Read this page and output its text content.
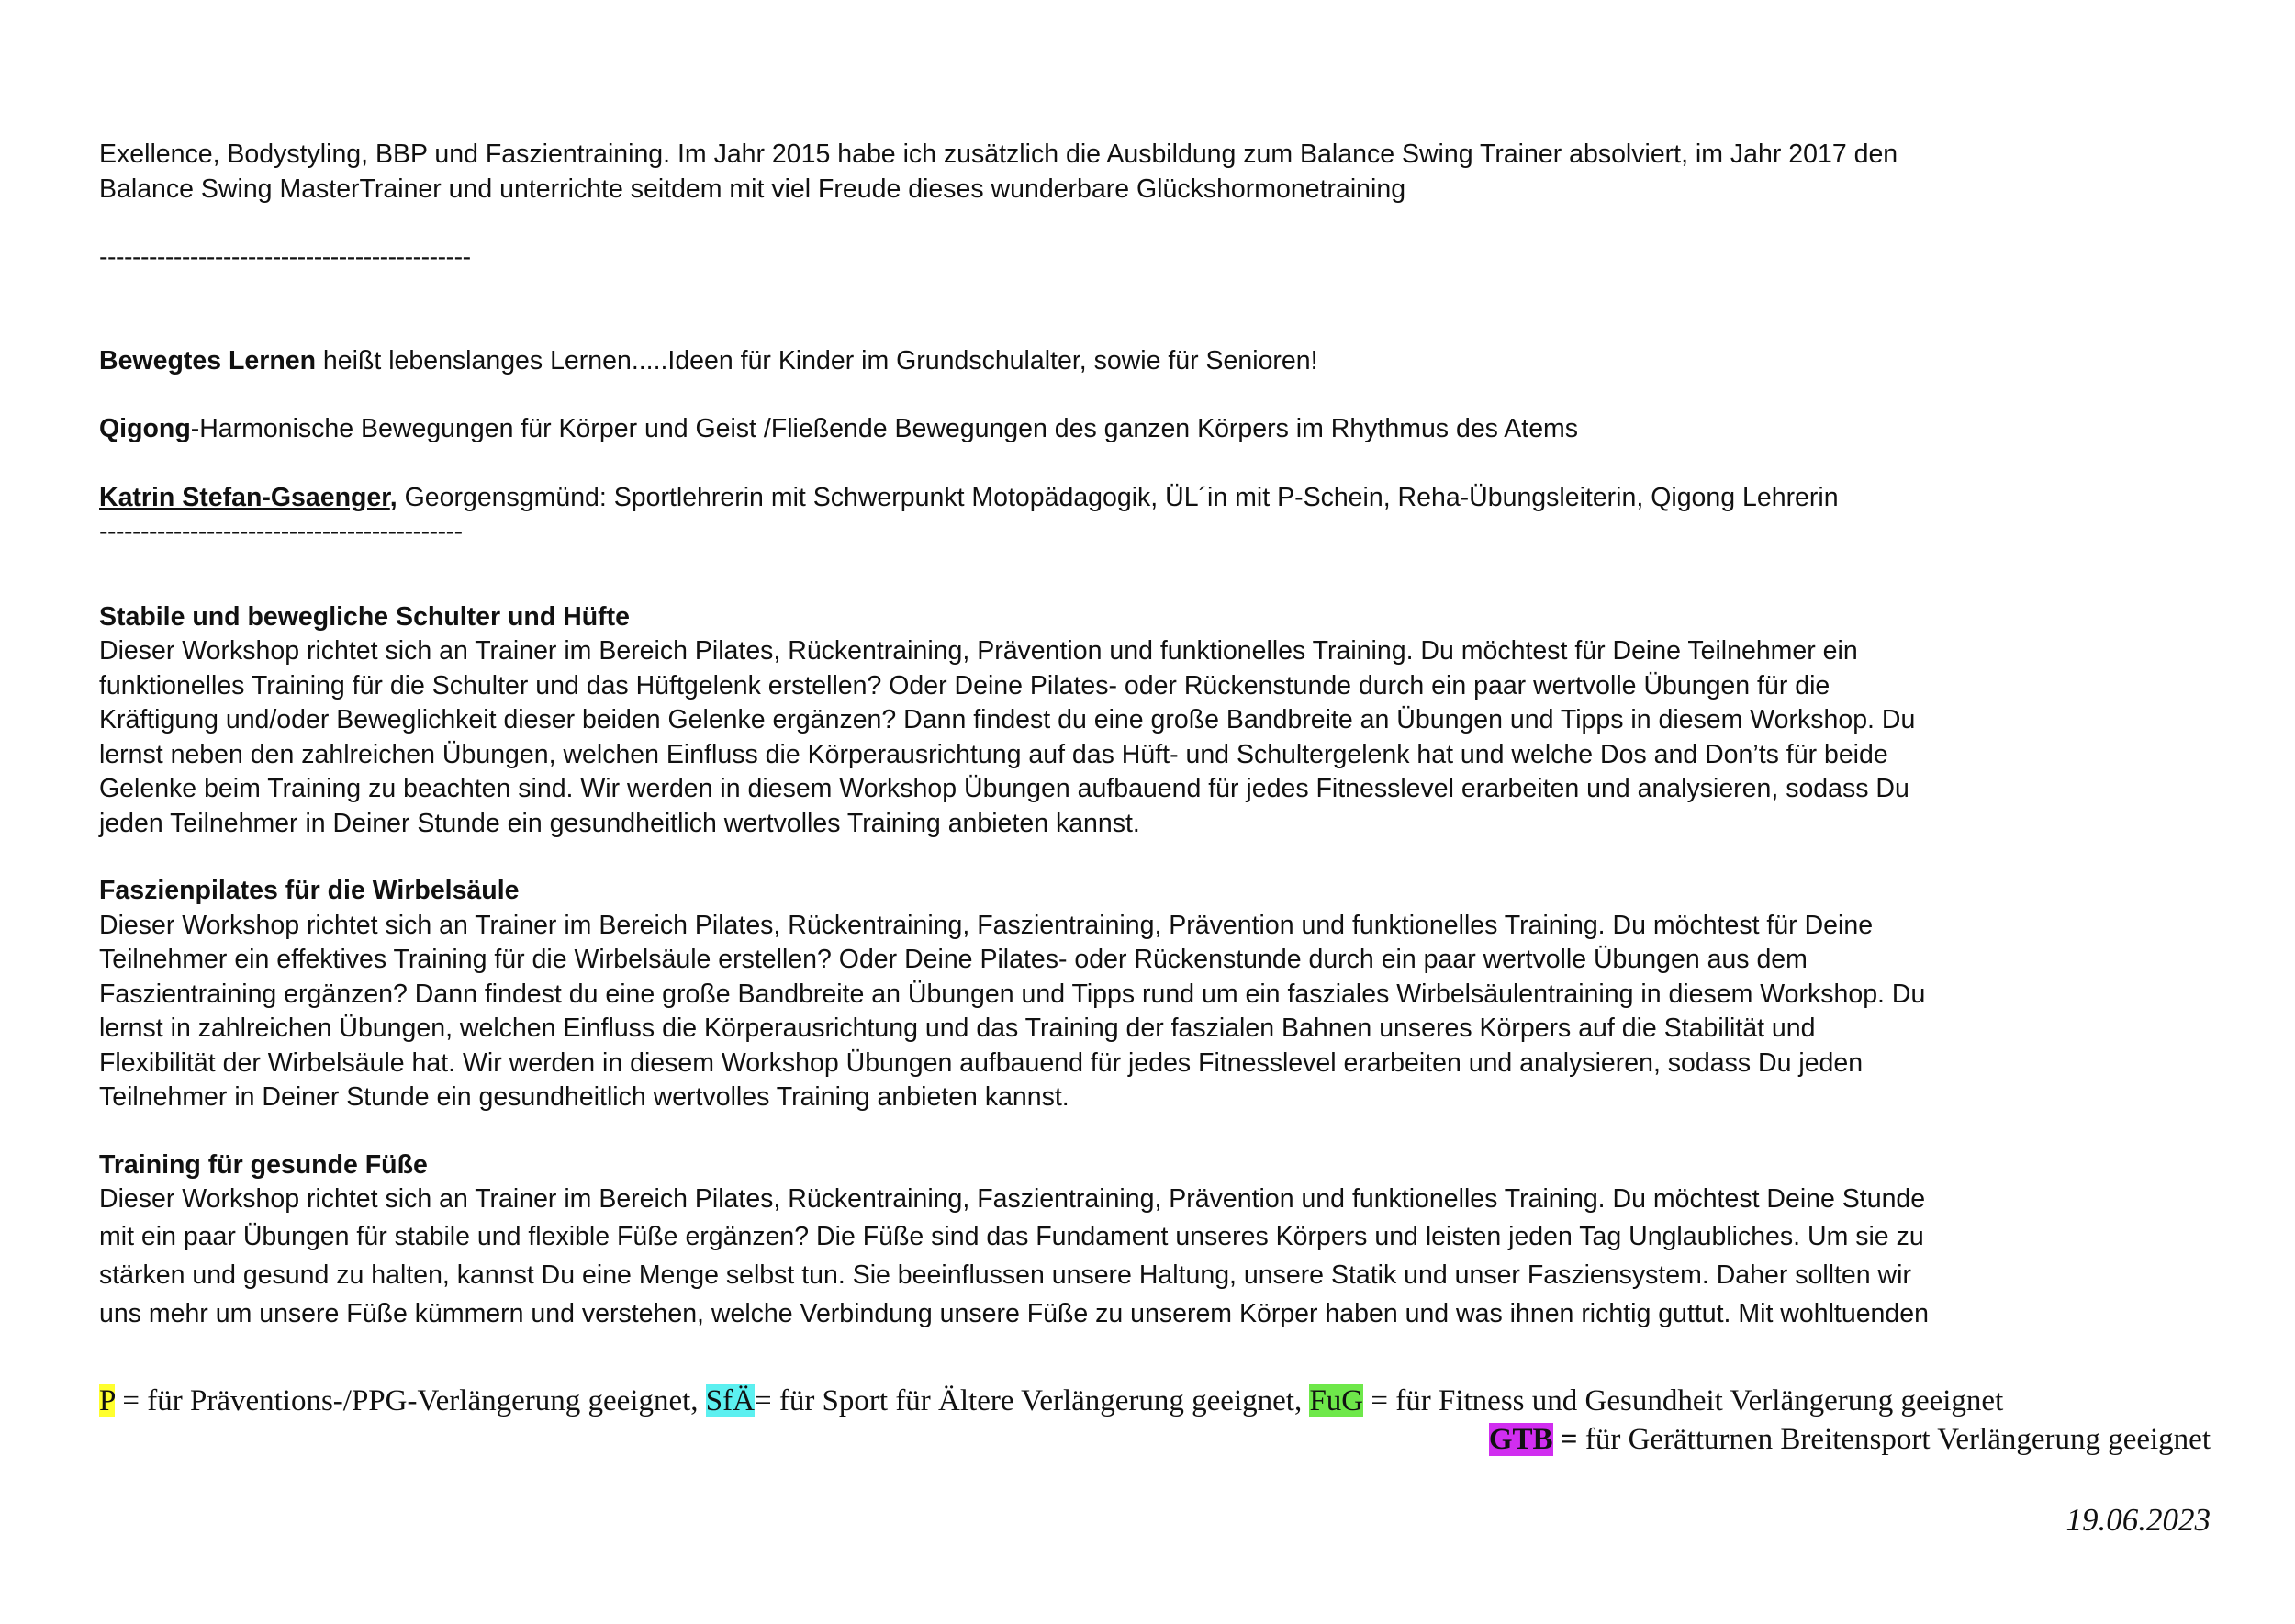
Exellence, Bodystyling, BBP und Faszientraining. Im Jahr 2015 habe ich zusätzlich die Ausbildung zum Balance Swing Trainer absolviert, im Jahr 2017 den

Balance Swing MasterTrainer und unterrichte seitdem mit viel Freude dieses wunderbare Glückshormonetraining

---------------------------------------------

Bewegtes Lernen heißt lebenslanges Lernen.....Ideen für Kinder im Grundschulalter, sowie für Senioren!

Qigong-Harmonische Bewegungen für Körper und Geist /Fließende Bewegungen des ganzen Körpers im Rhythmus des Atems

Katrin Stefan-Gsaenger, Georgensgmünd: Sportlehrerin mit Schwerpunkt Motopädagogik, ÜL´in mit P-Schein, Reha-Übungsleiterin, Qigong Lehrerin

--------------------------------------------

Stabile und bewegliche Schulter und Hüfte

Dieser Workshop richtet sich an Trainer im Bereich Pilates, Rückentraining, Prävention und funktionelles Training. Du möchtest für Deine Teilnehmer ein

funktionelles Training für die Schulter und das Hüftgelenk erstellen? Oder Deine Pilates- oder Rückenstunde durch ein paar wertvolle Übungen für die

Kräftigung und/oder Beweglichkeit dieser beiden Gelenke ergänzen? Dann findest du eine große Bandbreite an Übungen und Tipps in diesem Workshop. Du

lernst neben den zahlreichen Übungen, welchen Einfluss die Körperausrichtung auf das Hüft- und Schultergelenk hat und welche Dos and Don’ts für beide

Gelenke beim Training zu beachten sind. Wir werden in diesem Workshop Übungen aufbauend für jedes Fitnesslevel erarbeiten und analysieren, sodass Du

jeden Teilnehmer in Deiner Stunde ein gesundheitlich wertvolles Training anbieten kannst.

Faszienpilates für die Wirbelsäule

Dieser Workshop richtet sich an Trainer im Bereich Pilates, Rückentraining, Faszientraining, Prävention und funktionelles Training. Du möchtest für Deine

Teilnehmer ein effektives Training für die Wirbelsäule erstellen? Oder Deine Pilates- oder Rückenstunde durch ein paar wertvolle Übungen aus dem

Faszientraining ergänzen? Dann findest du eine große Bandbreite an Übungen und Tipps rund um ein fasziales Wirbelsäulentraining in diesem Workshop. Du

lernst in zahlreichen Übungen, welchen Einfluss die Körperausrichtung und das Training der faszialen Bahnen unseres Körpers auf die Stabilität und

Flexibilität der Wirbelsäule hat. Wir werden in diesem Workshop Übungen aufbauend für jedes Fitnesslevel erarbeiten und analysieren, sodass Du jeden

Teilnehmer in Deiner Stunde ein gesundheitlich wertvolles Training anbieten kannst.

Training für gesunde Füße

Dieser Workshop richtet sich an Trainer im Bereich Pilates, Rückentraining, Faszientraining, Prävention und funktionelles Training. Du möchtest Deine Stunde

mit ein paar Übungen für stabile und flexible Füße ergänzen? Die Füße sind das Fundament unseres Körpers und leisten jeden Tag Unglaubliches. Um sie zu

stärken und gesund zu halten, kannst Du eine Menge selbst tun. Sie beeinflussen unsere Haltung, unsere Statik und unser Fasziensystem. Daher sollten wir

uns mehr um unsere Füße kümmern und verstehen, welche Verbindung unsere Füße zu unserem Körper haben und was ihnen richtig guttut. Mit wohltuenden

P = für Präventions-/PPG-Verlängerung geeignet, SfÄ= für Sport für Ältere Verlängerung geeignet, FuG = für Fitness und Gesundheit Verlängerung geeignet

GTB = für Gerätturnen Breitensport Verlängerung geeignet

19.06.2023
